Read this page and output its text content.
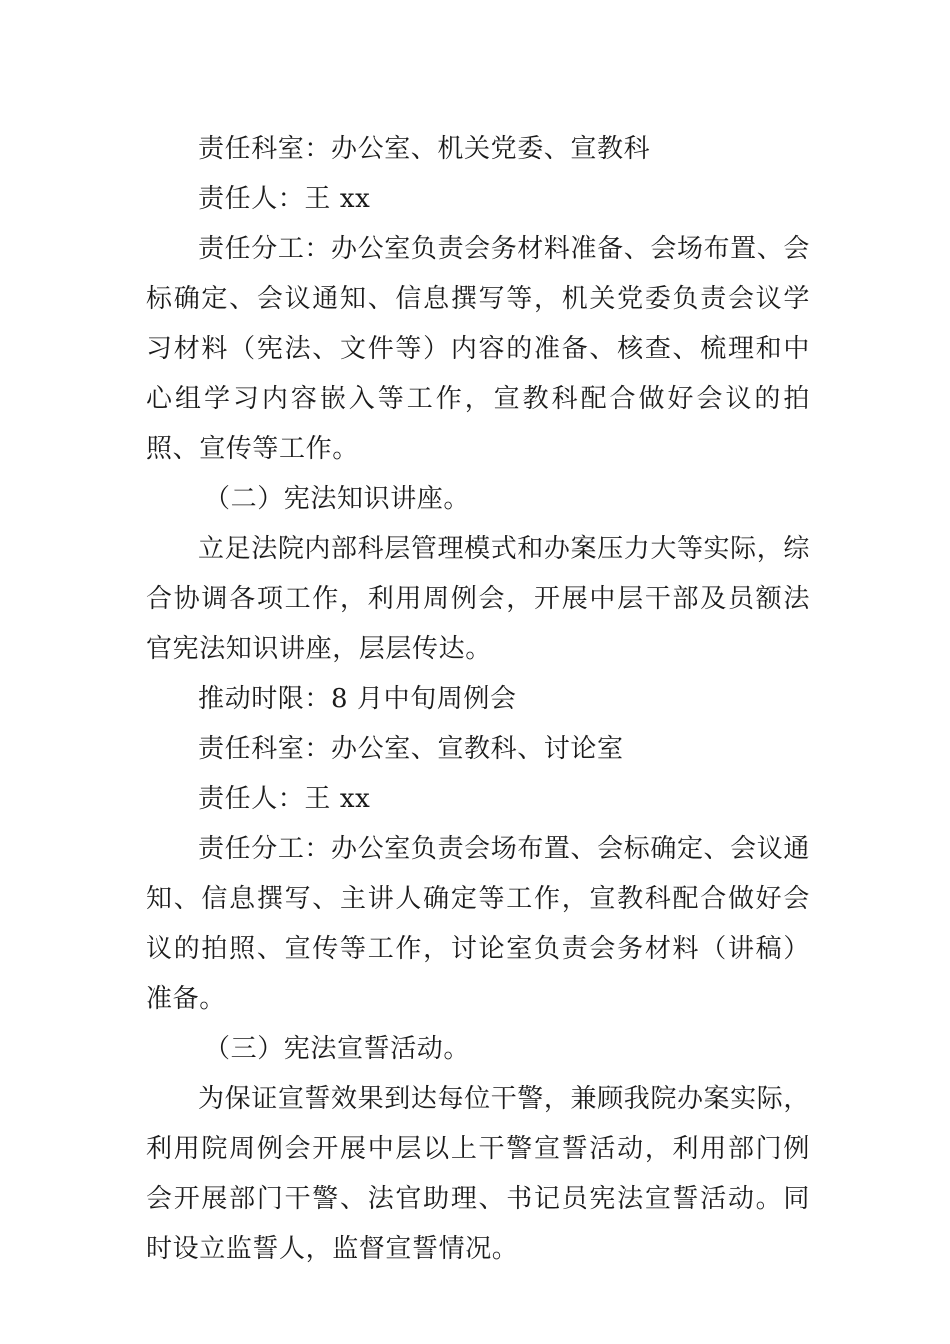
责任科室：办公室、机关党委、宣教科

责任人：王 xx

责任分工：办公室负责会务材料准备、会场布置、会标确定、会议通知、信息撰写等，机关党委负责会议学习材料（宪法、文件等）内容的准备、核查、梳理和中心组学习内容嵌入等工作，宣教科配合做好会议的拍照、宣传等工作。

（二）宪法知识讲座。

立足法院内部科层管理模式和办案压力大等实际，综合协调各项工作，利用周例会，开展中层干部及员额法官宪法知识讲座，层层传达。

推动时限：8 月中旬周例会

责任科室：办公室、宣教科、讨论室

责任人：王 xx

责任分工：办公室负责会场布置、会标确定、会议通知、信息撰写、主讲人确定等工作，宣教科配合做好会议的拍照、宣传等工作，讨论室负责会务材料（讲稿）准备。

（三）宪法宣誓活动。

为保证宣誓效果到达每位干警，兼顾我院办案实际，利用院周例会开展中层以上干警宣誓活动，利用部门例会开展部门干警、法官助理、书记员宪法宣誓活动。同时设立监誓人，监督宣誓情况。
